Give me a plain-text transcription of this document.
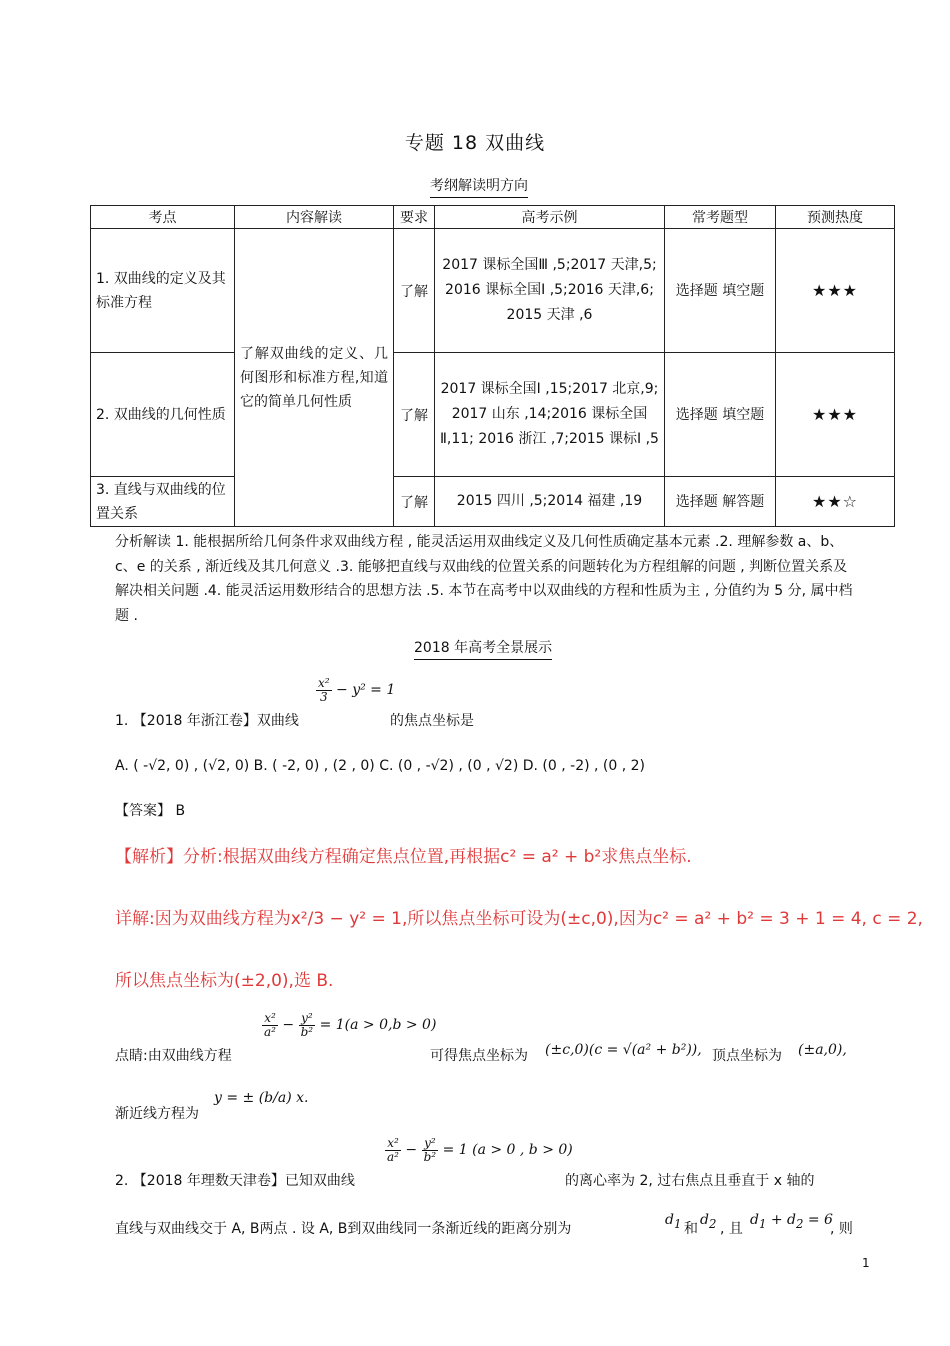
专题 18 双曲线
考纲解读明方向
考点	内容解读	要求	高考示例	常考题型	预测热度
1. 双曲线的定义及其标准方程	了解双曲线的定义、几何图形和标准方程,知道它的简单几何性质	了解	2017 课标全国Ⅲ ,5;2017 天津,5; 2016 课标全国Ⅰ ,5;2016 天津,6; 2015 天津 ,6	选择题 填空题	★★★
2. 双曲线的几何性质		了解	2017 课标全国Ⅰ ,15;2017 北京,9; 2017 山东 ,14;2016 课标全国Ⅱ,11; 2016 浙江 ,7;2015 课标Ⅰ ,5	选择题 填空题	★★★
3. 直线与双曲线的位置关系		了解	2015 四川 ,5;2014 福建 ,19	选择题 解答题	★★☆
分析解读 1. 能根据所给几何条件求双曲线方程 , 能灵活运用双曲线定义及几何性质确定基本元素 .2. 理解参数 a、b、c、e 的关系 , 渐近线及其几何意义 .3. 能够把直线与双曲线的位置关系的问题转化为方程组解的问题 , 判断位置关系及解决相关问题 .4. 能灵活运用数形结合的思想方法 .5. 本节在高考中以双曲线的方程和性质为主 , 分值约为 5 分, 属中档题 .
2018 年高考全景展示
$\frac{\text{x²}}{3} - y^2 = 1$
1. 【2018 年浙江卷】双曲线	的焦点坐标是
A. ( -√2, 0) , (√2, 0) B. ( -2, 0) , (2 , 0) C. (0 , -√2) , (0 , √2) D. (0 , -2) , (0 , 2)
【答案】 B
【解析】分析:根据双曲线方程确定焦点位置,再根据c² = a² + b²求焦点坐标.
详解:因为双曲线方程为x²/3 − y² = 1,所以焦点坐标可设为(±c,0),因为c² = a² + b² = 3 + 1 = 4, c = 2,
所以焦点坐标为(±2,0),选 B.
$\frac{\text{x²}}{\text{a²}} - \frac{\text{y²}}{\text{b²}} = 1(a > 0,b > 0)$
点睛:由双曲线方程	可得焦点坐标为 (±c,0)(c = √(a² + b²)), 顶点坐标为 (±a,0),
渐近线方程为
y = ± (b/a) x.
$\frac{\text{x²}}{\text{a²}} - \frac{\text{y²}}{\text{b²}} = 1$ (a > 0 , b > 0)
2. 【2018 年理数天津卷】已知双曲线	的离心率为 2, 过右焦点且垂直于 x 轴的
直线与双曲线交于 A, B两点 . 设 A, B到双曲线同一条渐近线的距离分别为
$d_1$ 和
$d_2$ , 且
$d_1 + d_2 = 6$
, 则
1
